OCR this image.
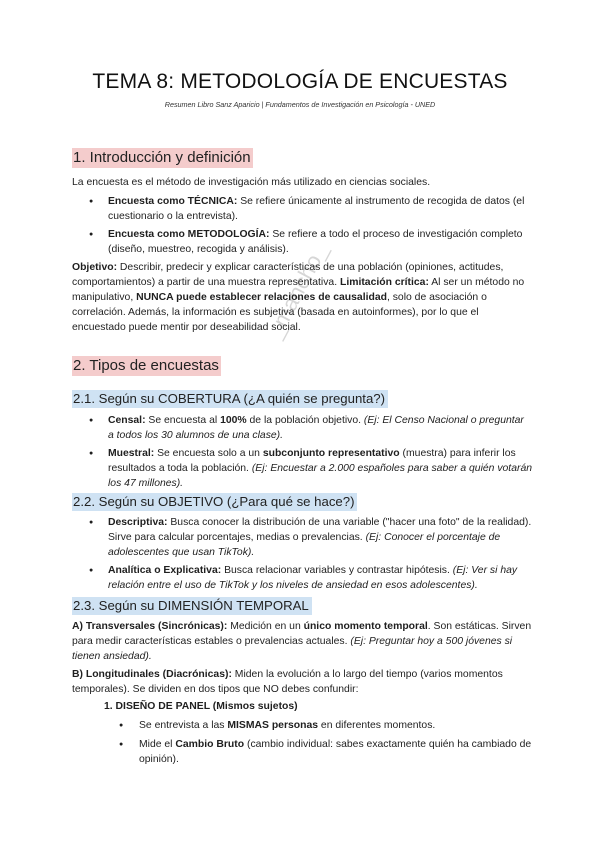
TEMA 8: METODOLOGÍA DE ENCUESTAS
Resumen Libro Sanz Aparicio | Fundamentos de Investigación en Psicología - UNED
_mancho_
1. Introducción y definición

La encuesta es el método de investigación más utilizado en ciencias sociales.

● Encuesta como TÉCNICA: Se refiere únicamente al instrumento de recogida de datos (el cuestionario o la entrevista).

● Encuesta como METODOLOGÍA: Se refiere a todo el proceso de investigación completo (diseño, muestreo, recogida y análisis).

Objetivo: Describir, predecir y explicar características de una población (opiniones, actitudes, comportamientos) a partir de una muestra representativa. Limitación crítica: Al ser un método no manipulativo, NUNCA puede establecer relaciones de causalidad, solo de asociación o correlación. Además, la información es subjetiva (basada en autoinformes), por lo que el encuestado puede mentir por deseabilidad social.

2. Tipos de encuestas
2.1. Según su COBERTURA (¿A quién se pregunta?)

● Censal: Se encuesta al 100% de la población objetivo. (Ej: El Censo Nacional o preguntar a todos los 30 alumnos de una clase).

● Muestral: Se encuesta solo a un subconjunto representativo (muestra) para inferir los resultados a toda la población. (Ej: Encuestar a 2.000 españoles para saber a quién votarán los 47 millones).

2.2. Según su OBJETIVO (¿Para qué se hace?)

● Descriptiva: Busca conocer la distribución de una variable ("hacer una foto" de la realidad). Sirve para calcular porcentajes, medias o prevalencias. (Ej: Conocer el porcentaje de adolescentes que usan TikTok).

● Analítica o Explicativa: Busca relacionar variables y contrastar hipótesis. (Ej: Ver si hay relación entre el uso de TikTok y los niveles de ansiedad en esos adolescentes).

2.3. Según su DIMENSIÓN TEMPORAL

A) Transversales (Sincrónicas): Medición en un único momento temporal. Son estáticas. Sirven para medir características estables o prevalencias actuales. (Ej: Preguntar hoy a 500 jóvenes si tienen ansiedad).

B) Longitudinales (Diacrónicas): Miden la evolución a lo largo del tiempo (varios momentos temporales). Se dividen en dos tipos que NO debes confundir:

1. DISEÑO DE PANEL (Mismos sujetos)

● Se entrevista a las MISMAS personas en diferentes momentos.

● Mide el Cambio Bruto (cambio individual: sabes exactamente quién ha cambiado de opinión).
